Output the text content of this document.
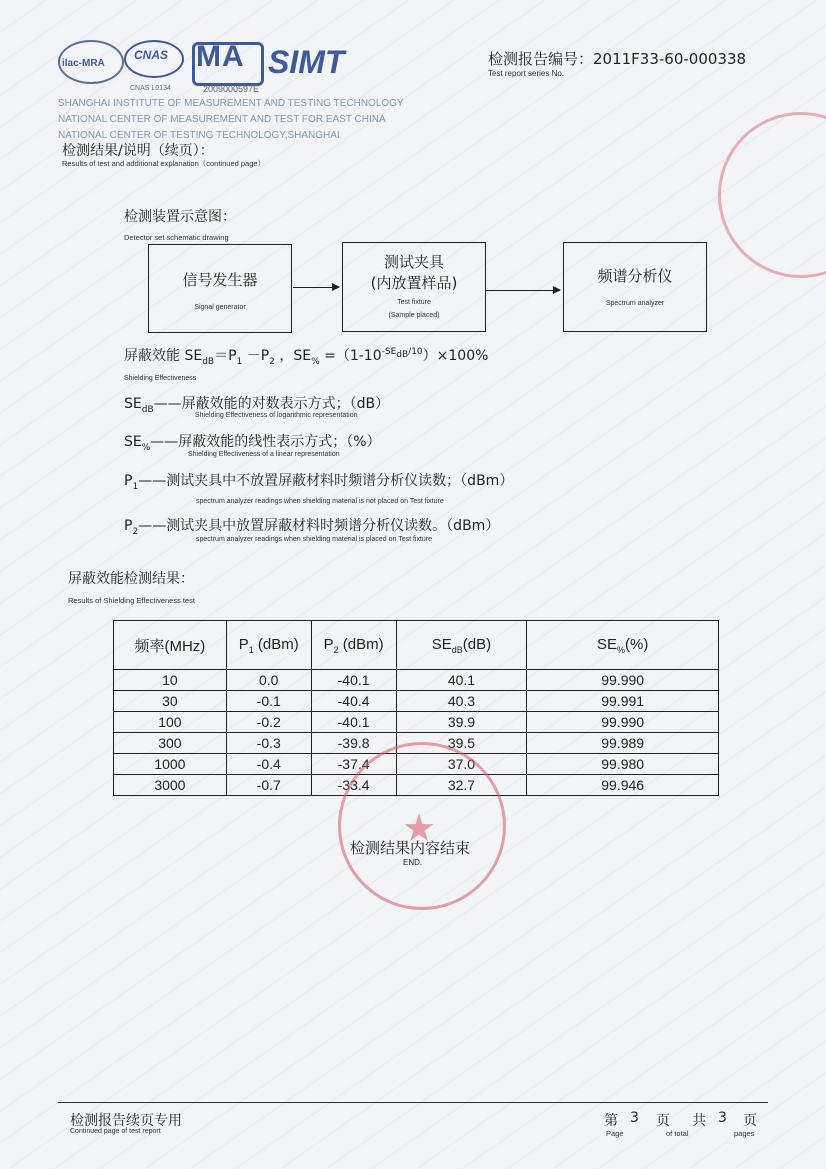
ilac-MRA
CNAS
CNAS L0134
MA
2009000597E
SIMT
SHANGHAI INSTITUTE OF MEASUREMENT AND TESTING TECHNOLOGY
NATIONAL CENTER OF MEASUREMENT AND TEST FOR EAST CHINA
NATIONAL CENTER OF TESTING TECHNOLOGY,SHANGHAI
检测报告编号：2011F33-60-000338
Test report series No.
检测结果/说明（续页）：
Results of test and additional explanation（continued page）
检测装置示意图：
Detector set schematic drawing
信号发生器
Signal generator
测试夹具
(内放置样品)
Test fixture
(Sample placed)
频谱分析仪
Spectrum analyzer
屏蔽效能 $SE_{dB}=P_1 -P_2$ ，$SE_{\%} =(1-10^{-SE_{dB}/10})\times 100\%$
Shielding Effectiveness
$SE_{dB}——$屏蔽效能的对数表示方式；（dB）
Shielding Effectiveness of logarithmic representation
$SE_{\%}——$屏蔽效能的线性表示方式；（%）
Shielding Effectiveness of a linear representation
$P_1——$测试夹具中不放置屏蔽材料时频谱分析仪读数；（dBm）
spectrum analyzer readings when shielding material is not placed on Test fixture
$P_2——$测试夹具中放置屏蔽材料时频谱分析仪读数。（dBm）
spectrum analyzer readings when shielding material is placed on Test fixture
屏蔽效能检测结果：
Results of Shielding Effectiveness test
频率(MHz)	$P_1$ (dBm)	$P_2$ (dBm)	$SE_{dB}(dB)$	$SE_{\%}(\%)$
10	0.0	-40.1	40.1	99.990
30	-0.1	-40.4	40.3	99.991
100	-0.2	-40.1	39.9	99.990
300	-0.3	-39.8	39.5	99.989
1000	-0.4	-37.4	37.0	99.980
3000	-0.7	-33.4	32.7	99.946
★
检测结果内容结束
END.
检测报告续页专用
Continued page of test report
第 3 页 共 3 页
Page	of total	pages
